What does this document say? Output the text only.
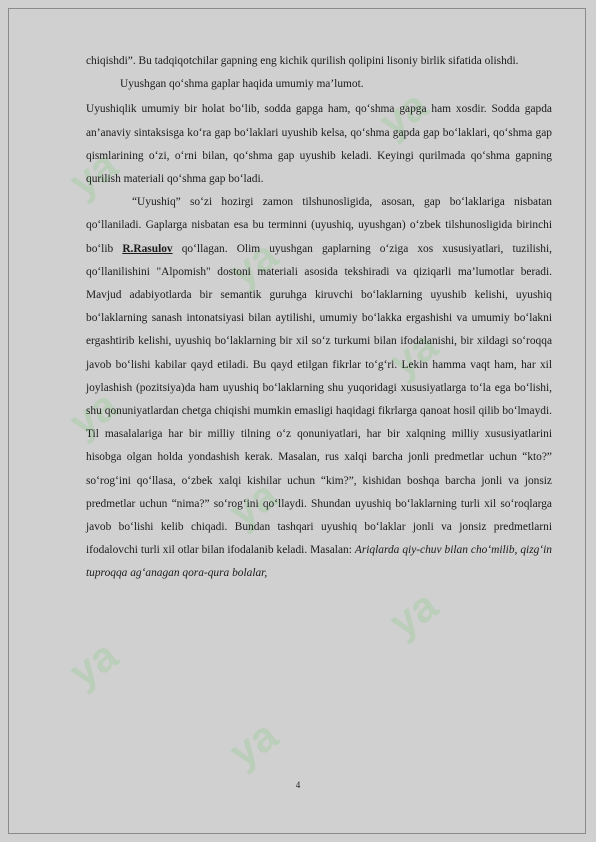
ya
ya
ya
ya
ya
ya
ya
ya
ya

chiqishdi”. Bu tadqiqotchilar gapning eng kichik qurilish qolipini lisoniy birlik sifatida olishdi.

Uyushgan qo‘shma gaplar haqida umumiy ma’lumot.

Uyushiqlik umumiy bir holat bo‘lib, sodda gapga ham, qo‘shma gapga ham xosdir. Sodda gapda an’anaviy sintaksisga ko‘ra gap bo‘laklari uyushib kelsa, qo‘shma gapda gap bo‘laklari, qo‘shma gap qismlarining o‘zi, o‘rni bilan, qo‘shma gap uyushib keladi. Keyingi qurilmada qo‘shma gapning qurilish materiali qo‘shma gap bo‘ladi.

“Uyushiq” so‘zi hozirgi zamon tilshunosligida, asosan, gap bo‘laklariga nisbatan qo‘llaniladi. Gaplarga nisbatan esa bu terminni (uyushiq, uyushgan) o‘zbek tilshunosligida birinchi bo‘lib R.Rasulov qo‘llagan. Olim uyushgan gaplarning o‘ziga xos xususiyatlari, tuzilishi, qo‘llanilishini "Alpomish" dostoni materiali asosida tekshiradi va qiziqarli ma’lumotlar beradi. Mavjud adabiyotlarda bir semantik guruhga kiruvchi bo‘laklarning uyushib kelishi, uyushiq bo‘laklarning sanash intonatsiyasi bilan aytilishi, umumiy bo‘lakka ergashishi va umumiy bo‘lakni ergashtirib kelishi, uyushiq bo‘laklarning bir xil so‘z turkumi bilan ifodalanishi, bir xildagi so‘roqqa javob bo‘lishi kabilar qayd etiladi. Bu qayd etilgan fikrlar to‘g‘ri. Lekin hamma vaqt ham, har xil joylashish (pozitsiya)da ham uyushiq bo‘laklarning shu yuqoridagi xususiyatlarga to‘la ega bo‘lishi, shu qonuniyatlardan chetga chiqishi mumkin emasligi haqidagi fikrlarga qanoat hosil qilib bo‘lmaydi. Til masalalariga har bir milliy tilning o‘z qonuniyatlari, har bir xalqning milliy xususiyatlarini hisobga olgan holda yondashish kerak. Masalan, rus xalqi barcha jonli predmetlar uchun “kto?” so‘rog‘ini qo‘llasa, o‘zbek xalqi kishilar uchun “kim?”, kishidan boshqa barcha jonli va jonsiz predmetlar uchun “nima?” so‘rog‘ini qo‘llaydi. Shundan uyushiq bo‘laklarning turli xil so‘roqlarga javob bo‘lishi kelib chiqadi. Bundan tashqari uyushiq bo‘laklar jonli va jonsiz predmetlarni ifodalovchi turli xil otlar bilan ifodalanib keladi. Masalan: Ariqlarda qiy-chuv bilan cho‘milib, qizg‘in tuproqqa ag‘anagan qora-qura bolalar,

4
